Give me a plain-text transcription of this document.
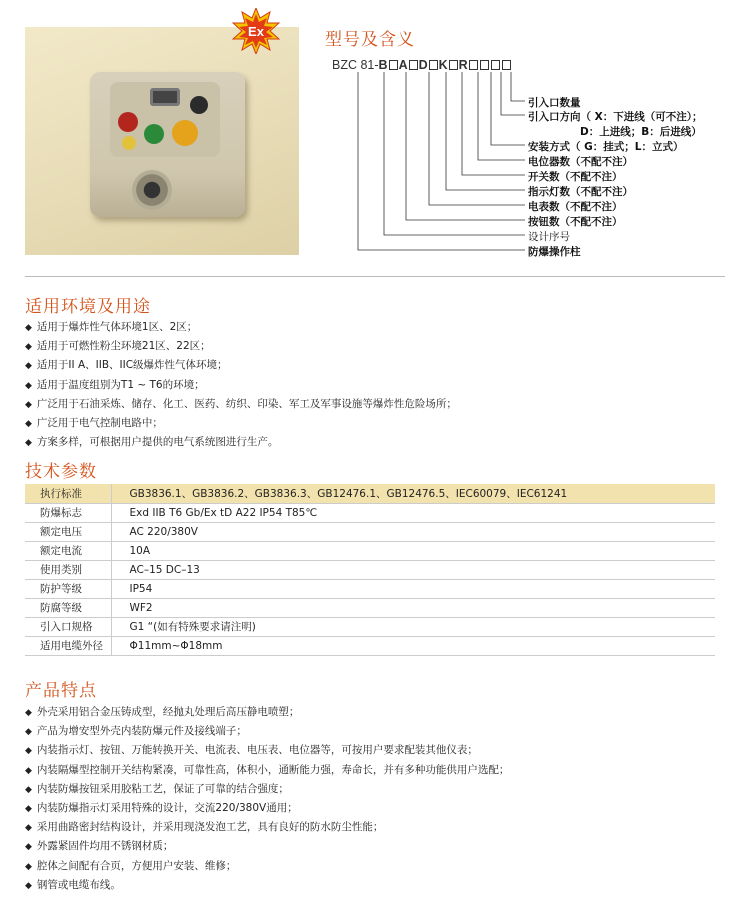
Ex	型号及含义
BZC 81-B A D K R
引入口数量
引入口方向（ X：下进线（可不注）；
D：上进线；B：后进线）
安装方式（ G：挂式；L：立式）
电位器数（不配不注）
开关数（不配不注）
指示灯数（不配不注）
电表数（不配不注）
按钮数（不配不注）
设计序号
防爆操作柱
适用环境及用途
◆ 适用于爆炸性气体环境1区、2区；
◆ 适用于可燃性粉尘环境21区、22区；
◆ 适用于II A、IIB、IIC级爆炸性气体环境；
◆ 适用于温度组别为T1 ~ T6的环境；
◆ 广泛用于石油采炼、储存、化工、医药、纺织、印染、军工及军事设施等爆炸性危险场所；
◆ 广泛用于电气控制电路中；
◆ 方案多样，可根据用户提供的电气系统图进行生产。
技术参数
执行标准	GB3836.1、GB3836.2、GB3836.3、GB12476.1、GB12476.5、IEC60079、IEC61241
防爆标志	Exd IIB T6 Gb/Ex tD A22 IP54 T85℃
额定电压	AC 220/380V
额定电流	10A
使用类别	AC–15 DC–13
防护等级	IP54
防腐等级	WF2
引入口规格	G1 “(如有特殊要求请注明)
适用电缆外径	Φ11mm~Φ18mm
产品特点
◆ 外壳采用铝合金压铸成型，经抛丸处理后高压静电喷塑；
◆ 产品为增安型外壳内装防爆元件及接线端子；
◆ 内装指示灯、按钮、万能转换开关、电流表、电压表、电位器等，可按用户要求配装其他仪表；
◆ 内装隔爆型控制开关结构紧凑，可靠性高，体积小，通断能力强，寿命长，并有多种功能供用户选配；
◆ 内装防爆按钮采用胶粘工艺，保证了可靠的结合强度；
◆ 内装防爆指示灯采用特殊的设计，交流220/380V通用；
◆ 采用曲路密封结构设计，并采用现浇发泡工艺，具有良好的防水防尘性能；
◆ 外露紧固件均用不锈钢材质；
◆ 腔体之间配有合页，方便用户安装、维修；
◆ 钢管或电缆布线。
